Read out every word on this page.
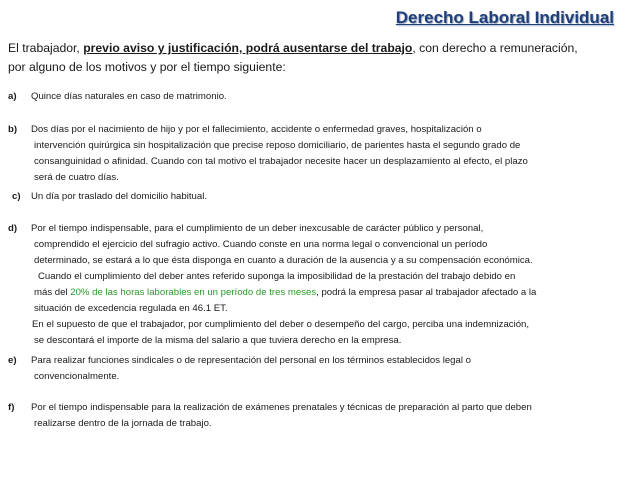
Derecho Laboral Individual
El trabajador, previo aviso y justificación, podrá ausentarse del trabajo, con derecho a remuneración,
por alguno de los motivos y por el tiempo siguiente:
a) Quince días naturales en caso de matrimonio.
b) Dos días por el nacimiento de hijo y por el fallecimiento, accidente o enfermedad graves, hospitalización o
intervención quirúrgica sin hospitalización que precise reposo domiciliario, de parientes hasta el segundo grado de
consanguinidad o afinidad. Cuando con tal motivo el trabajador necesite hacer un desplazamiento al efecto, el plazo
será de cuatro días.
c) Un día por traslado del domicilio habitual.
d) Por el tiempo indispensable, para el cumplimiento de un deber inexcusable de carácter público y personal,
comprendido el ejercicio del sufragio activo. Cuando conste en una norma legal o convencional un período
determinado, se estará a lo que ésta disponga en cuanto a duración de la ausencia y a su compensación económica.
Cuando el cumplimiento del deber antes referido suponga la imposibilidad de la prestación del trabajo debido en
más del 20% de las horas laborables en un período de tres meses, podrá la empresa pasar al trabajador afectado a la
situación de excedencia regulada en 46.1 ET.
En el supuesto de que el trabajador, por cumplimiento del deber o desempeño del cargo, perciba una indemnización,
se descontará el importe de la misma del salario a que tuviera derecho en la empresa.
e) Para realizar funciones sindicales o de representación del personal en los términos establecidos legal o
convencionalmente.
f) Por el tiempo indispensable para la realización de exámenes prenatales y técnicas de preparación al parto que deben
realizarse dentro de la jornada de trabajo.
